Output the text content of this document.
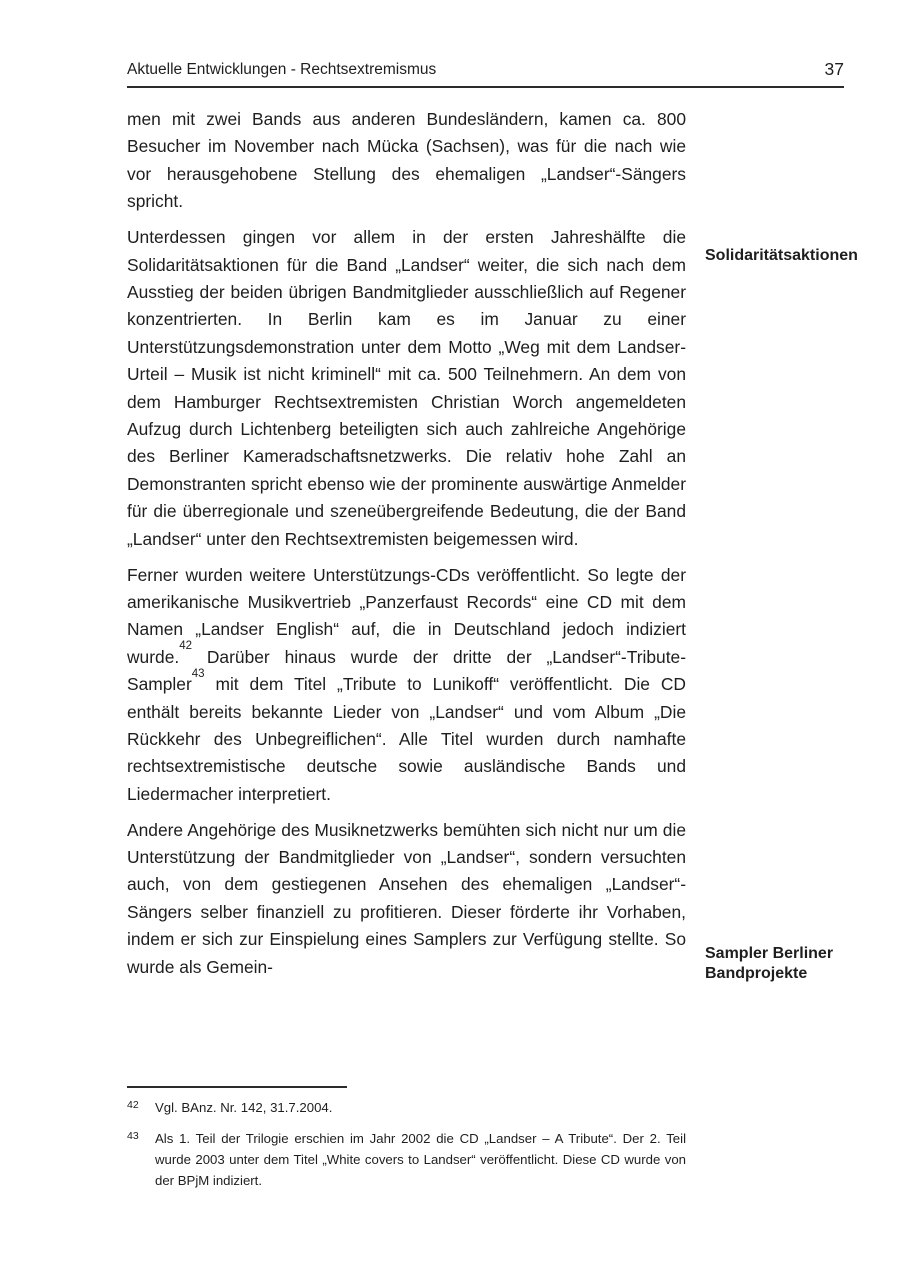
Aktuelle Entwicklungen - Rechtsextremismus	37

men mit zwei Bands aus anderen Bundesländern, kamen ca. 800 Besucher im November nach Mücka (Sachsen), was für die nach wie vor herausgehobene Stellung des ehemaligen „Landser“-Sängers spricht.

Unterdessen gingen vor allem in der ersten Jahreshälfte die Solidaritätsaktionen für die Band „Landser“ weiter, die sich nach dem Ausstieg der beiden übrigen Bandmitglieder ausschließlich auf Regener konzentrierten. In Berlin kam es im Januar zu einer Unterstützungsdemonstration unter dem Motto „Weg mit dem Landser-Urteil – Musik ist nicht kriminell“ mit ca. 500 Teilnehmern. An dem von dem Hamburger Rechtsextremisten Christian Worch angemeldeten Aufzug durch Lichtenberg beteiligten sich auch zahlreiche Angehörige des Berliner Kameradschaftsnetzwerks. Die relativ hohe Zahl an Demonstranten spricht ebenso wie der prominente auswärtige Anmelder für die überregionale und szeneübergreifende Bedeutung, die der Band „Landser“ unter den Rechtsextremisten beigemessen wird.

Ferner wurden weitere Unterstützungs-CDs veröffentlicht. So legte der amerikanische Musikvertrieb „Panzerfaust Records“ eine CD mit dem Namen „Landser English“ auf, die in Deutschland jedoch indiziert wurde.$^{42}$ Darüber hinaus wurde der dritte der „Landser“-Tribute-Sampler$^{43}$ mit dem Titel „Tribute to Lunikoff“ veröffentlicht. Die CD enthält bereits bekannte Lieder von „Landser“ und vom Album „Die Rückkehr des Unbegreiflichen“. Alle Titel wurden durch namhafte rechtsextremistische deutsche sowie ausländische Bands und Liedermacher interpretiert.

Andere Angehörige des Musiknetzwerks bemühten sich nicht nur um die Unterstützung der Bandmitglieder von „Landser“, sondern versuchten auch, von dem gestiegenen Ansehen des ehemaligen „Landser“-Sängers selber finanziell zu profitieren. Dieser förderte ihr Vorhaben, indem er sich zur Einspielung eines Samplers zur Verfügung stellte. So wurde als Gemein-

Solidaritätsaktionen
Sampler Berliner Bandprojekte
42	Vgl. BAnz. Nr. 142, 31.7.2004.
43	Als 1. Teil der Trilogie erschien im Jahr 2002 die CD „Landser – A Tribute“. Der 2. Teil wurde 2003 unter dem Titel „White covers to Landser“ veröffentlicht. Diese CD wurde von der BPjM indiziert.
